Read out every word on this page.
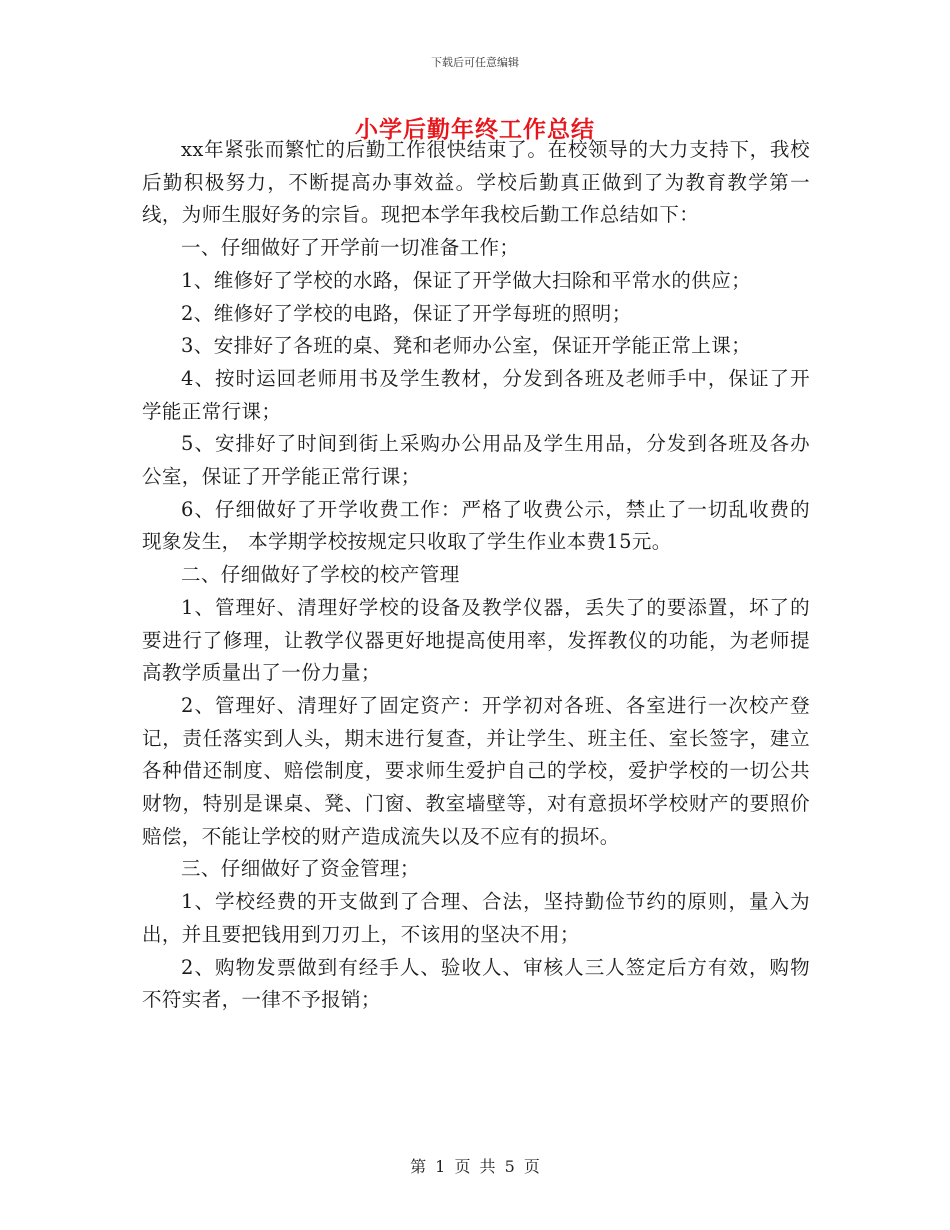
下载后可任意编辑
小学后勤年终工作总结

xx年紧张而繁忙的后勤工作很快结束了。在校领导的大力支持下，我校后勤积极努力，不断提高办事效益。学校后勤真正做到了为教育教学第一线，为师生服好务的宗旨。现把本学年我校后勤工作总结如下：

一、仔细做好了开学前一切准备工作；

1、维修好了学校的水路，保证了开学做大扫除和平常水的供应；

2、维修好了学校的电路，保证了开学每班的照明；

3、安排好了各班的桌、凳和老师办公室，保证开学能正常上课；

4、按时运回老师用书及学生教材，分发到各班及老师手中，保证了开学能正常行课；

5、安排好了时间到街上采购办公用品及学生用品，分发到各班及各办公室，保证了开学能正常行课；

6、仔细做好了开学收费工作：严格了收费公示，禁止了一切乱收费的现象发生， 本学期学校按规定只收取了学生作业本费15元。

二、仔细做好了学校的校产管理

1、管理好、清理好学校的设备及教学仪器，丢失了的要添置，坏了的要进行了修理，让教学仪器更好地提高使用率，发挥教仪的功能，为老师提高教学质量出了一份力量；

2、管理好、清理好了固定资产：开学初对各班、各室进行一次校产登记，责任落实到人头，期末进行复查，并让学生、班主任、室长签字，建立各种借还制度、赔偿制度，要求师生爱护自己的学校，爱护学校的一切公共财物，特别是课桌、凳、门窗、教室墙壁等，对有意损坏学校财产的要照价赔偿，不能让学校的财产造成流失以及不应有的损坏。

三、仔细做好了资金管理；

1、学校经费的开支做到了合理、合法，坚持勤俭节约的原则，量入为出，并且要把钱用到刀刃上，不该用的坚决不用；

2、购物发票做到有经手人、验收人、审核人三人签定后方有效，购物不符实者，一律不予报销；

第 1 页 共 5 页
